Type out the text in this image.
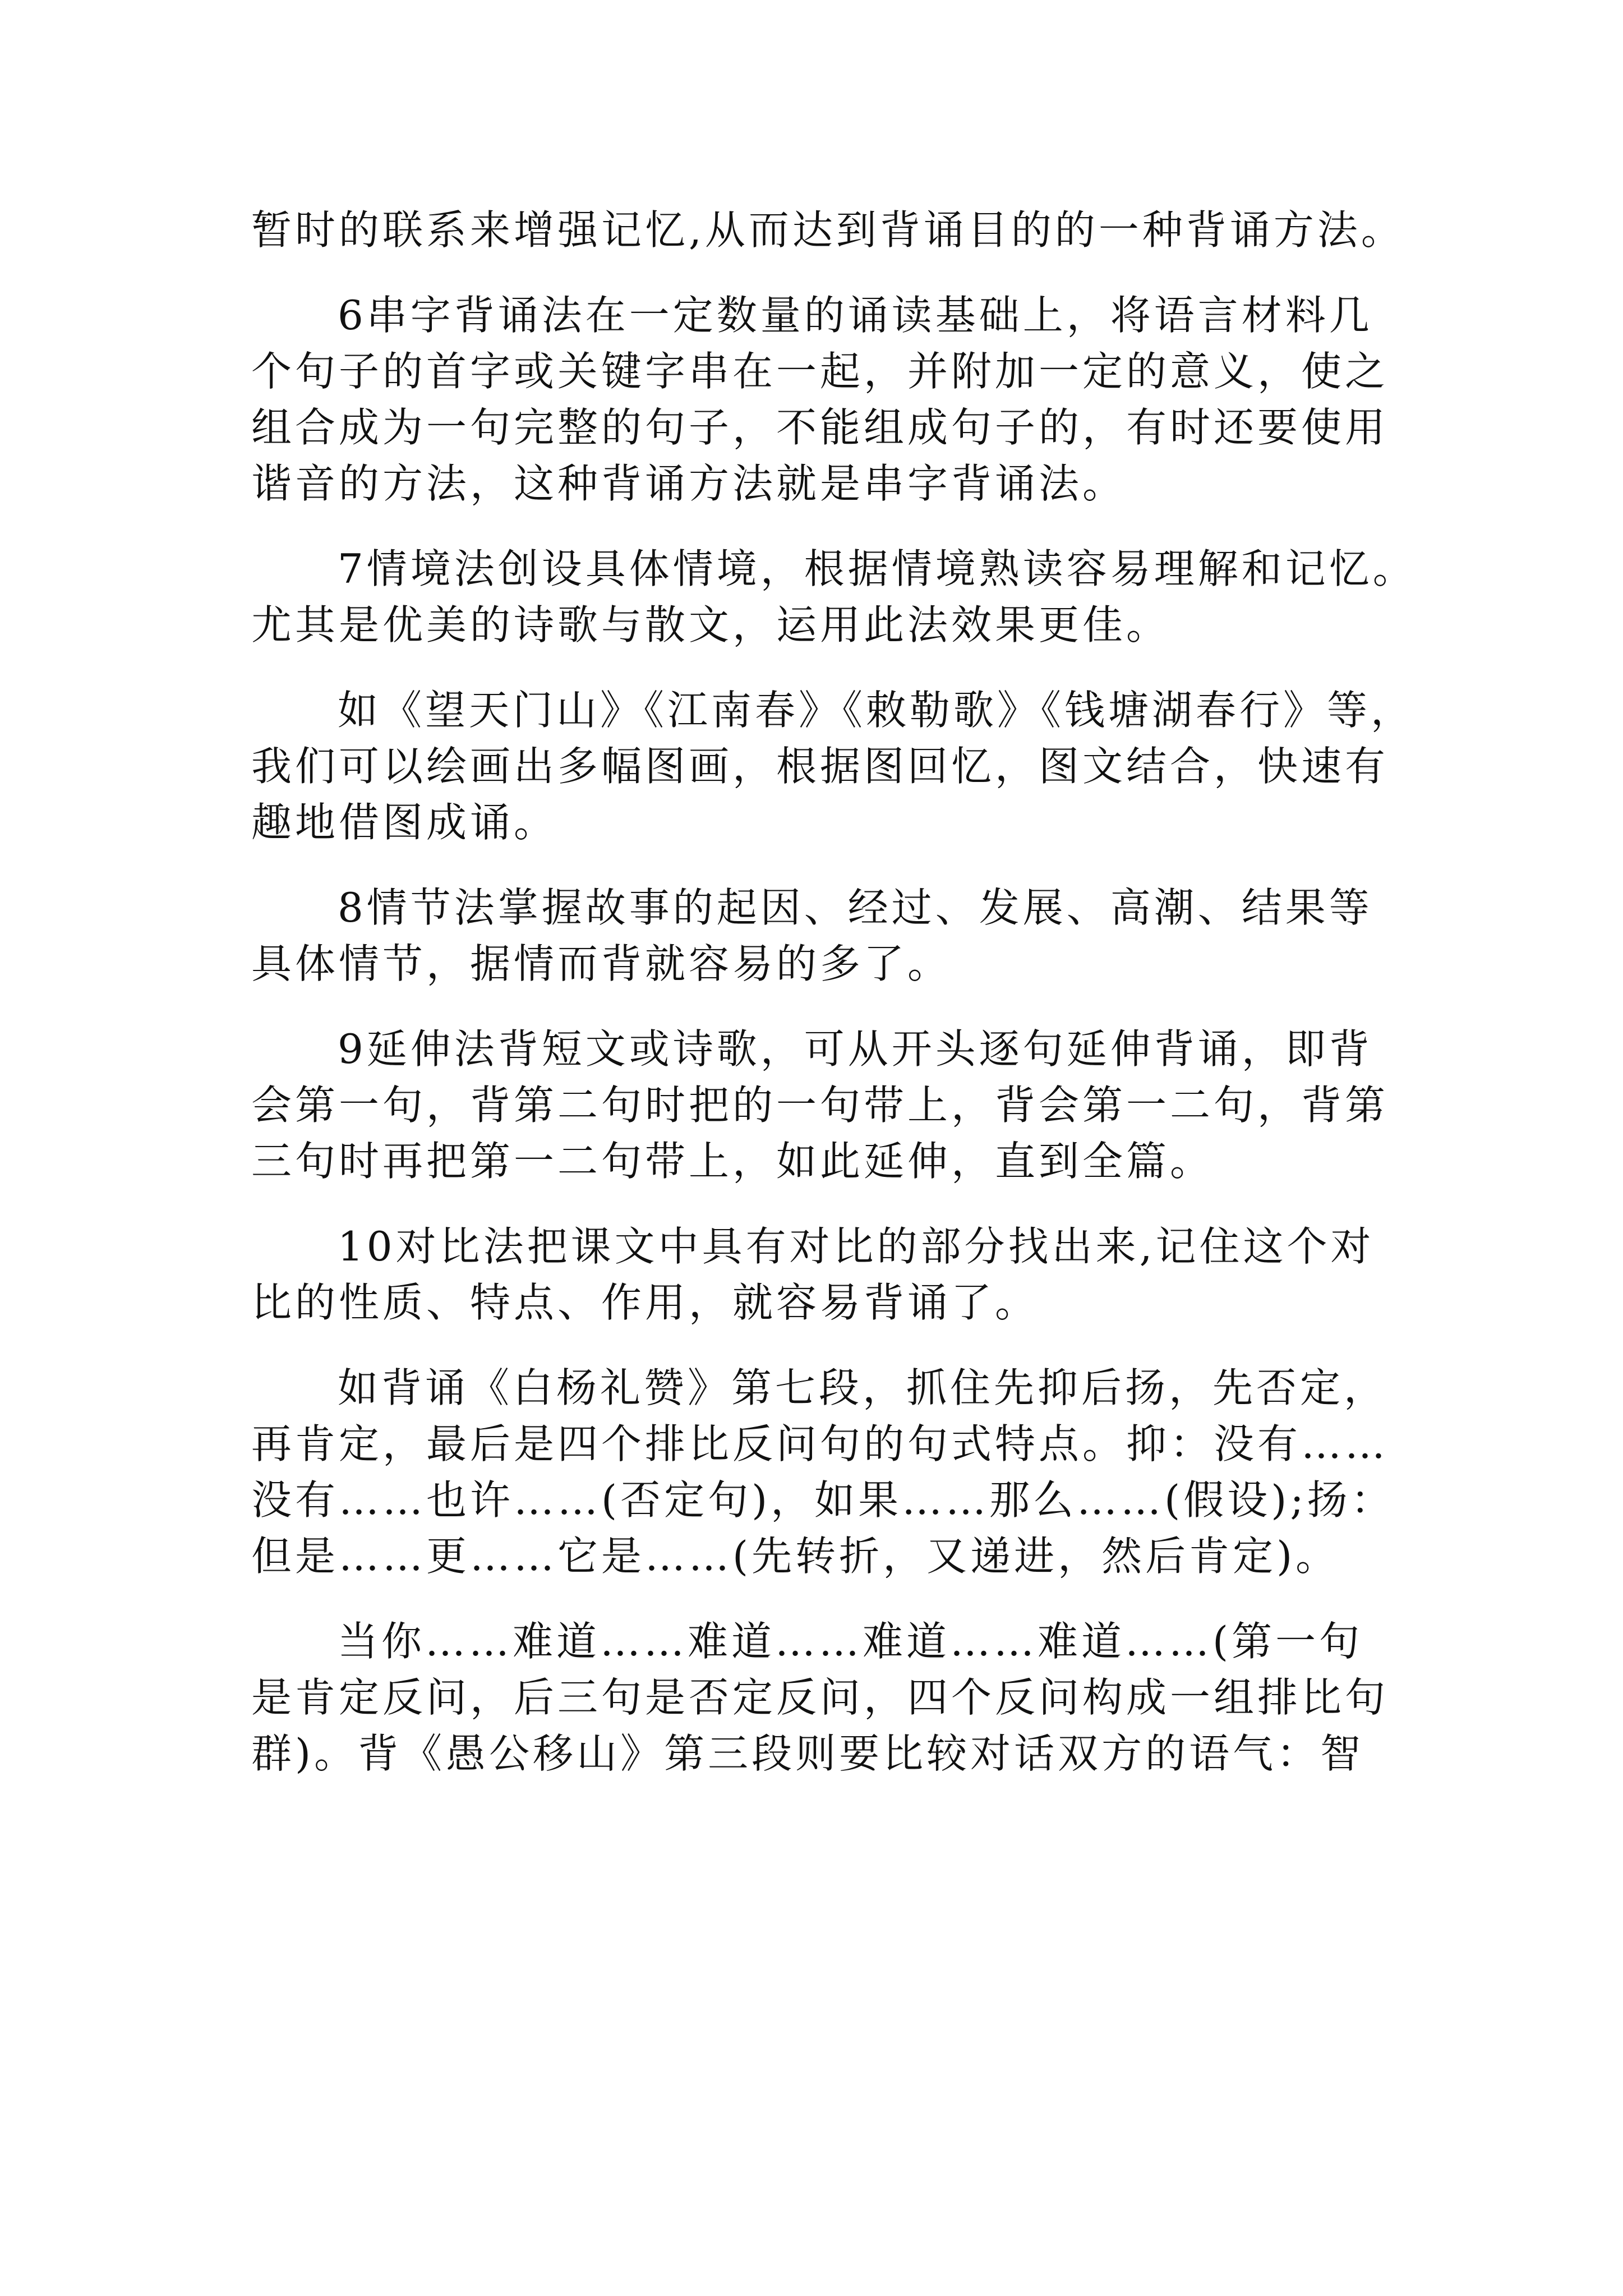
暂时的联系来增强记忆,从而达到背诵目的的一种背诵方法。

6串字背诵法在一定数量的诵读基础上，将语言材料几

个句子的首字或关键字串在一起，并附加一定的意义，使之

组合成为一句完整的句子，不能组成句子的，有时还要使用

谐音的方法，这种背诵方法就是串字背诵法。

7情境法创设具体情境，根据情境熟读容易理解和记忆。

尤其是优美的诗歌与散文，运用此法效果更佳。

如《望天门山》《江南春》《敕勒歌》《钱塘湖春行》等，

我们可以绘画出多幅图画，根据图回忆，图文结合，快速有

趣地借图成诵。

8情节法掌握故事的起因、经过、发展、高潮、结果等

具体情节，据情而背就容易的多了。

9延伸法背短文或诗歌，可从开头逐句延伸背诵，即背

会第一句，背第二句时把的一句带上，背会第一二句，背第

三句时再把第一二句带上，如此延伸，直到全篇。

10对比法把课文中具有对比的部分找出来,记住这个对

比的性质、特点、作用，就容易背诵了。

如背诵《白杨礼赞》第七段，抓住先抑后扬，先否定，

再肯定，最后是四个排比反问句的句式特点。抑：没有……

没有……也许……(否定句)，如果……那么……(假设);扬：

但是……更……它是……(先转折，又递进，然后肯定)。

当你……难道……难道……难道……难道……(第一句

是肯定反问，后三句是否定反问，四个反问构成一组排比句

群)。背《愚公移山》第三段则要比较对话双方的语气：智
